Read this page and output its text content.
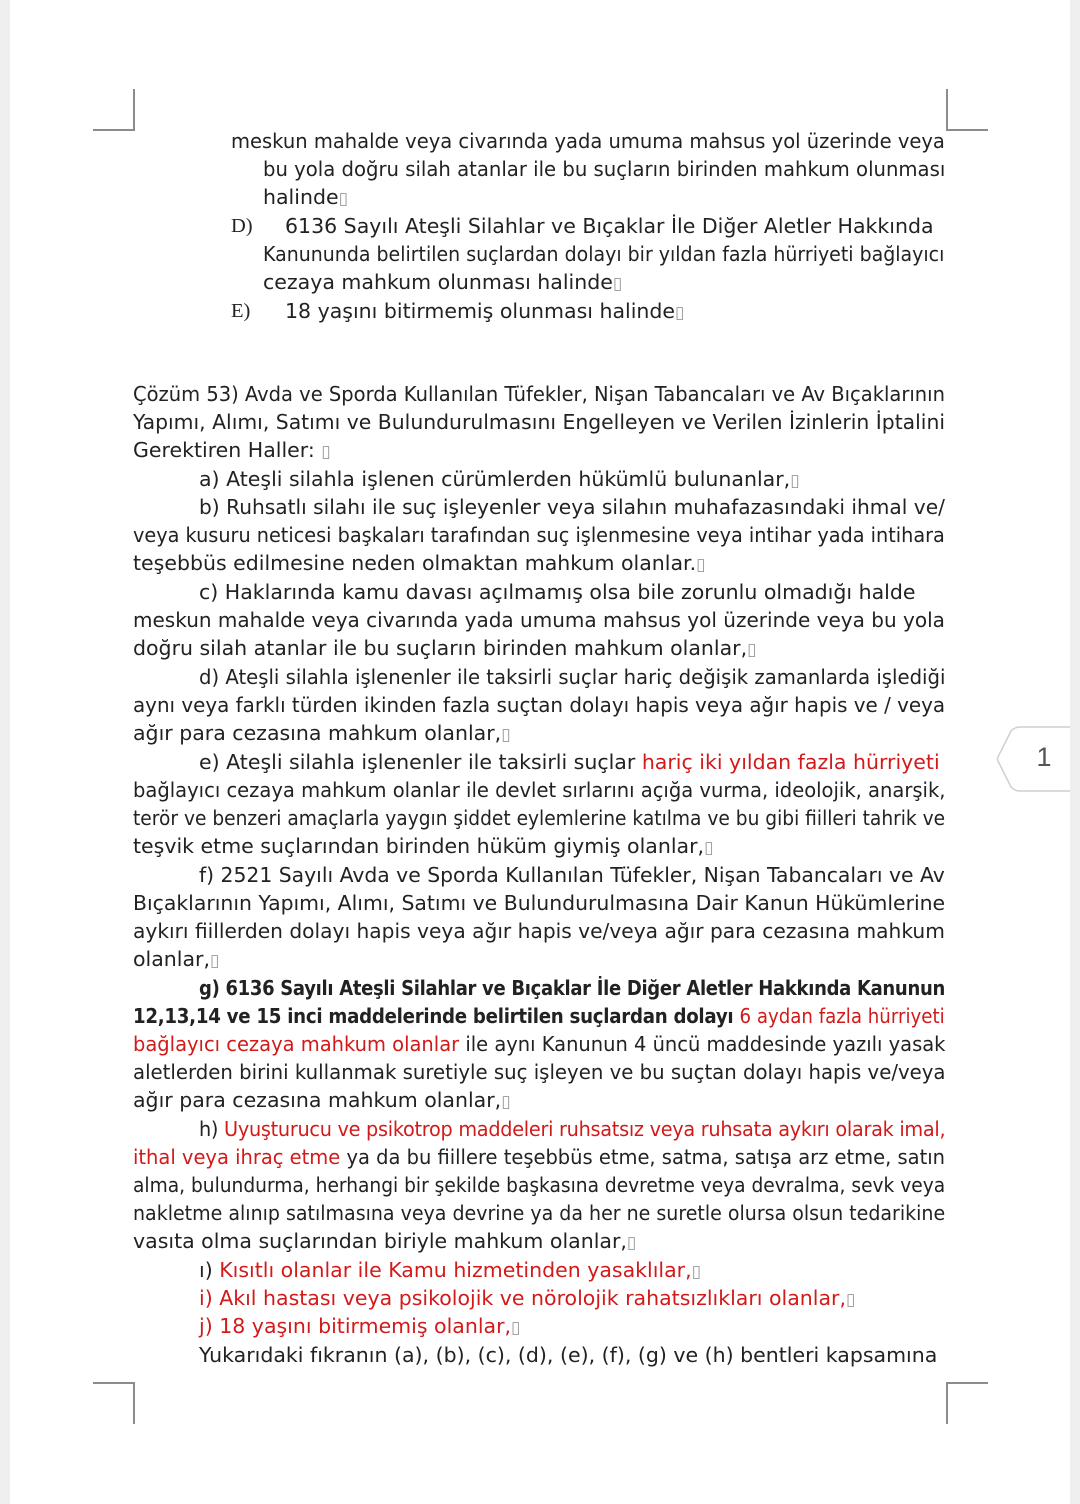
1
meskun mahalde veya civarında yada umuma mahsus yol üzerinde veya
bu yola doğru silah atanlar ile bu suçların birinden mahkum olunması
halinde▯
D) 6136 Sayılı Ateşli Silahlar ve Bıçaklar İle Diğer Aletler Hakkında
Kanununda belirtilen suçlardan dolayı bir yıldan fazla hürriyeti bağlayıcı
cezaya mahkum olunması halinde▯
E) 18 yaşını bitirmemiş olunması halinde▯
Çözüm 53) Avda ve Sporda Kullanılan Tüfekler, Nişan Tabancaları ve Av Bıçaklarının
Yapımı, Alımı, Satımı ve Bulundurulmasını Engelleyen ve Verilen İzinlerin İptalini
Gerektiren Haller: ▯
a) Ateşli silahla işlenen cürümlerden hükümlü bulunanlar,▯
b) Ruhsatlı silahı ile suç işleyenler veya silahın muhafazasındaki ihmal ve/
veya kusuru neticesi başkaları tarafından suç işlenmesine veya intihar yada intihara
teşebbüs edilmesine neden olmaktan mahkum olanlar.▯
c) Haklarında kamu davası açılmamış olsa bile zorunlu olmadığı halde
meskun mahalde veya civarında yada umuma mahsus yol üzerinde veya bu yola
doğru silah atanlar ile bu suçların birinden mahkum olanlar,▯
d) Ateşli silahla işlenenler ile taksirli suçlar hariç değişik zamanlarda işlediği
aynı veya farklı türden ikinden fazla suçtan dolayı hapis veya ağır hapis ve / veya
ağır para cezasına mahkum olanlar,▯
e) Ateşli silahla işlenenler ile taksirli suçlar hariç iki yıldan fazla hürriyeti
bağlayıcı cezaya mahkum olanlar ile devlet sırlarını açığa vurma, ideolojik, anarşik,
terör ve benzeri amaçlarla yaygın şiddet eylemlerine katılma ve bu gibi fiilleri tahrik ve
teşvik etme suçlarından birinden hüküm giymiş olanlar,▯
f) 2521 Sayılı Avda ve Sporda Kullanılan Tüfekler, Nişan Tabancaları ve Av
Bıçaklarının Yapımı, Alımı, Satımı ve Bulundurulmasına Dair Kanun Hükümlerine
aykırı fiillerden dolayı hapis veya ağır hapis ve/veya ağır para cezasına mahkum
olanlar,▯
g) 6136 Sayılı Ateşli Silahlar ve Bıçaklar İle Diğer Aletler Hakkında Kanunun
12,13,14 ve 15 inci maddelerinde belirtilen suçlardan dolayı 6 aydan fazla hürriyeti
bağlayıcı cezaya mahkum olanlar ile aynı Kanunun 4 üncü maddesinde yazılı yasak
aletlerden birini kullanmak suretiyle suç işleyen ve bu suçtan dolayı hapis ve/veya
ağır para cezasına mahkum olanlar,▯
h) Uyuşturucu ve psikotrop maddeleri ruhsatsız veya ruhsata aykırı olarak imal,
ithal veya ihraç etme ya da bu fiillere teşebbüs etme, satma, satışa arz etme, satın
alma, bulundurma, herhangi bir şekilde başkasına devretme veya devralma, sevk veya
nakletme alınıp satılmasına veya devrine ya da her ne suretle olursa olsun tedarikine
vasıta olma suçlarından biriyle mahkum olanlar,▯
ı) Kısıtlı olanlar ile Kamu hizmetinden yasaklılar,▯
i) Akıl hastası veya psikolojik ve nörolojik rahatsızlıkları olanlar,▯
j) 18 yaşını bitirmemiş olanlar,▯
Yukarıdaki fıkranın (a), (b), (c), (d), (e), (f), (g) ve (h) bentleri kapsamına
